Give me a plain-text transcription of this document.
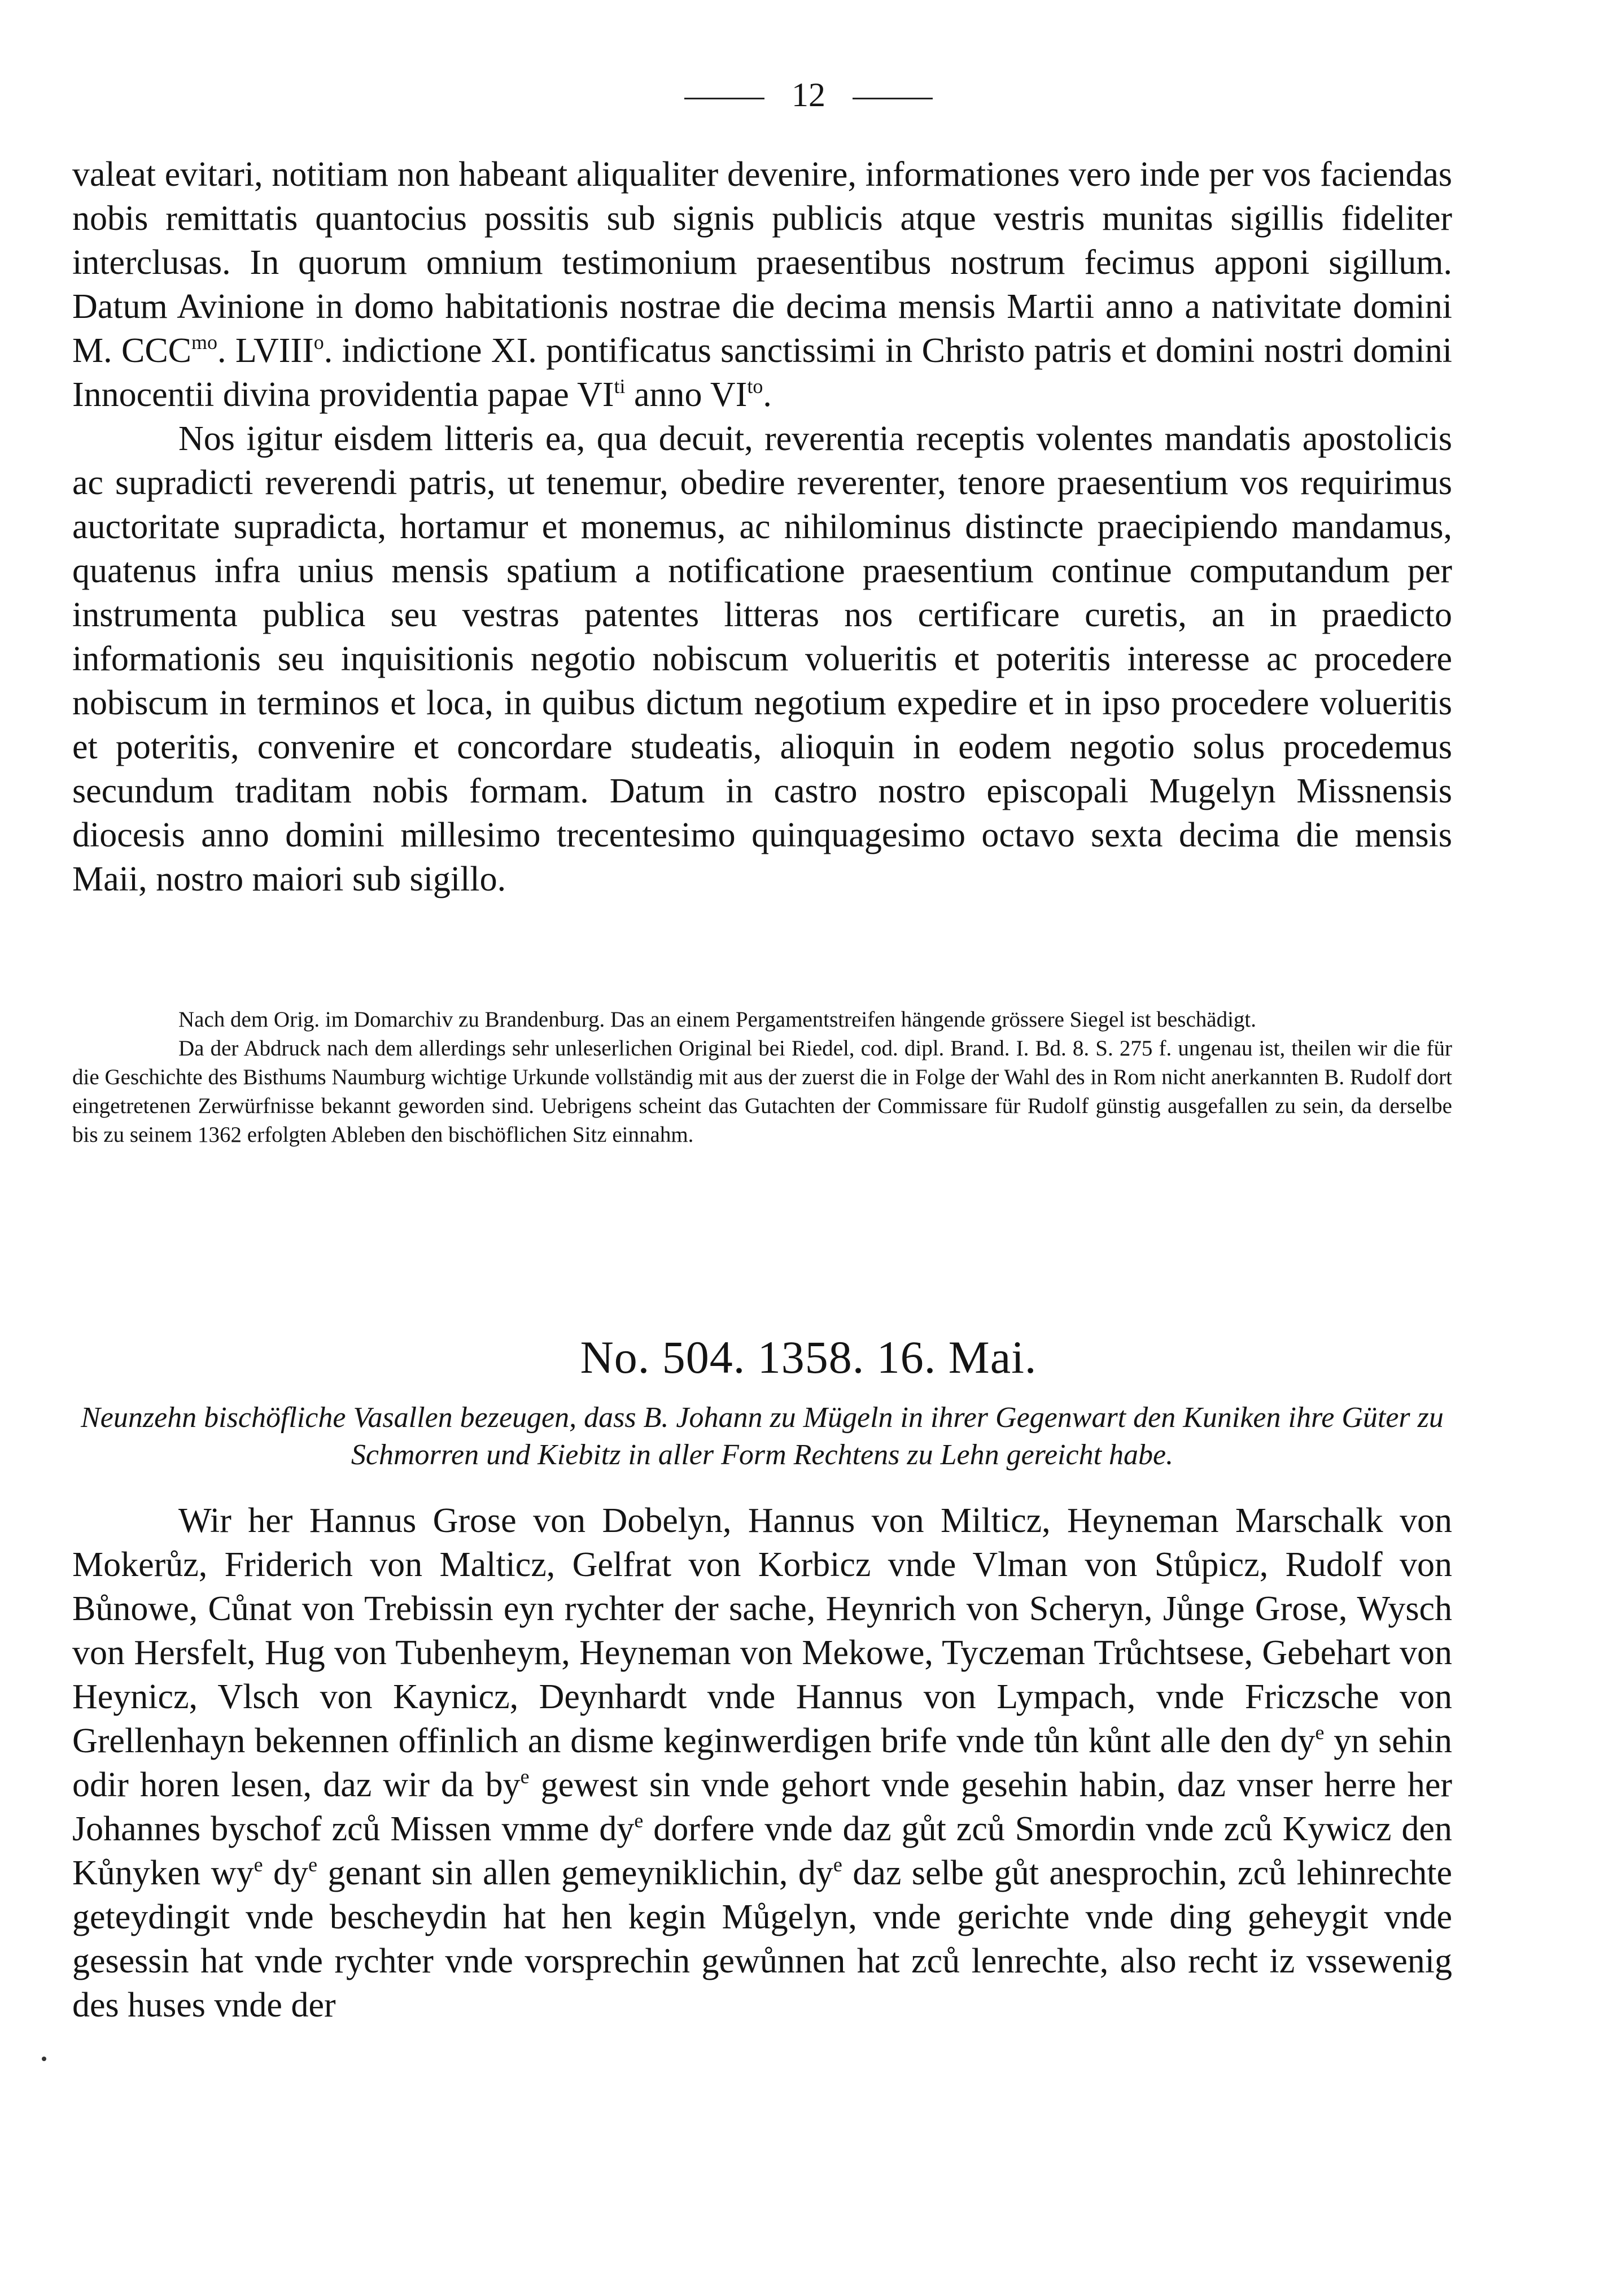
12

valeat evitari, notitiam non habeant aliqualiter devenire, informationes vero inde per vos faciendas nobis remittatis quantocius possitis sub signis publicis atque vestris munitas sigillis fideliter interclusas. In quorum omnium testimonium praesentibus nostrum fecimus apponi sigillum. Datum Avinione in domo habitationis nostrae die decima mensis Martii anno a nativitate domini M. $CCC^{mo}$. LVIII$^o$. indictione XI. pontificatus sanctissimi in Christo patris et domini nostri domini Innocentii divina providentia papae $VI^{ti}$ anno $VI^{to}$.

Nos igitur eisdem litteris ea, qua decuit, reverentia receptis volentes mandatis apostolicis ac supradicti reverendi patris, ut tenemur, obedire reverenter, tenore praesentium vos requirimus auctoritate supradicta, hortamur et monemus, ac nihilominus distincte praecipiendo mandamus, quatenus infra unius mensis spatium a notificatione praesentium continue computandum per instrumenta publica seu vestras patentes litteras nos certificare curetis, an in praedicto informationis seu inquisitionis negotio nobiscum volueritis et poteritis interesse ac procedere nobiscum in terminos et loca, in quibus dictum negotium expedire et in ipso procedere volueritis et poteritis, convenire et concordare studeatis, alioquin in eodem negotio solus procedemus secundum traditam nobis formam. Datum in castro nostro episcopali Mugelyn Missnensis diocesis anno domini millesimo trecentesimo quinquagesimo octavo sexta decima die mensis Maii, nostro maiori sub sigillo.

Nach dem Orig. im Domarchiv zu Brandenburg. Das an einem Pergamentstreifen hängende grössere Siegel ist beschädigt.

Da der Abdruck nach dem allerdings sehr unleserlichen Original bei Riedel, cod. dipl. Brand. I. Bd. 8. S. 275 f. ungenau ist, theilen wir die für die Geschichte des Bisthums Naumburg wichtige Urkunde vollständig mit aus der zuerst die in Folge der Wahl des in Rom nicht anerkannten B. Rudolf dort eingetretenen Zerwürfnisse bekannt geworden sind. Uebrigens scheint das Gutachten der Commissare für Rudolf günstig ausgefallen zu sein, da derselbe bis zu seinem 1362 erfolgten Ableben den bischöflichen Sitz einnahm.

No. 504. 1358. 16. Mai.
Neunzehn bischöfliche Vasallen bezeugen, dass B. Johann zu Mügeln in ihrer Gegenwart den Kuniken ihre Güter zu Schmorren und Kiebitz in aller Form Rechtens zu Lehn gereicht habe.

Wir her Hannus Grose von Dobelyn, Hannus von Milticz, Heyneman Marschalk von Mokerůz, Friderich von Malticz, Gelfrat von Korbicz vnde Vlman von Stůpicz, Rudolf von Bůnowe, Cůnat von Trebissin eyn rychter der sache, Heynrich von Scheryn, Jůnge Grose, Wysch von Hersfelt, Hug von Tubenheym, Heyneman von Mekowe, Tyczeman Trůchtsese, Gebehart von Heynicz, Vlsch von Kaynicz, Deynhardt vnde Hannus von Lympach, vnde Friczsche von Grellenhayn bekennen offinlich an disme keginwerdigen brife vnde tůn kůnt alle den $dy^e$ yn sehin odir horen lesen, daz wir da $by^e$ gewest sin vnde gehort vnde gesehin habin, daz vnser herre her Johannes byschof zců Missen vmme $dy^e$ dorfere vnde daz gůt zců Smordin vnde zců Kywicz den Kůnyken $wy^e$ $dy^e$ genant sin allen gemeyniklichin, $dy^e$ daz selbe gůt anesprochin, zců lehinrechte geteydingit vnde bescheydin hat hen kegin Můgelyn, vnde gerichte vnde ding geheygit vnde gesessin hat vnde rychter vnde vorsprechin gewůnnen hat zců lenrechte, also recht iz vssewenig des huses vnde der
